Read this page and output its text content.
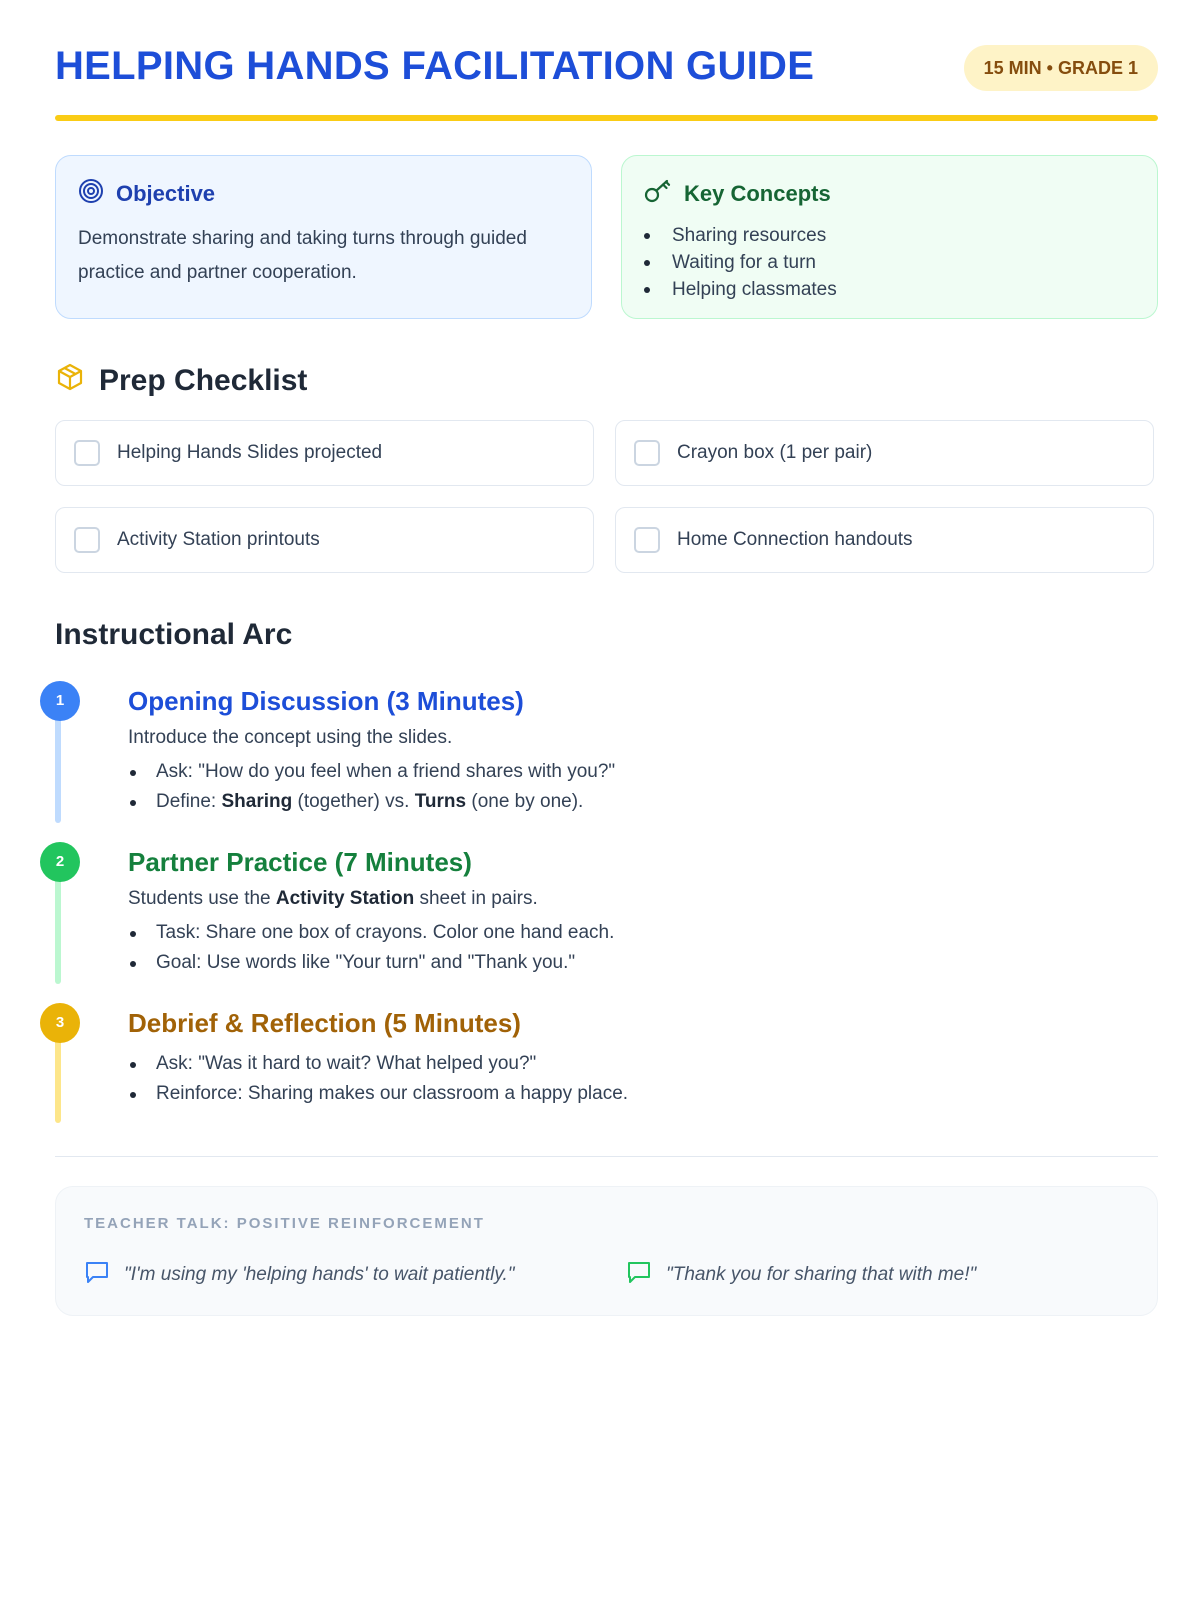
HELPING HANDS FACILITATION GUIDE	15 MIN • GRADE 1
Objective
Demonstrate sharing and taking turns through guided practice and partner cooperation.
Key Concepts
Sharing resources
Waiting for a turn
Helping classmates
Prep Checklist
Helping Hands Slides projected	Crayon box (1 per pair)
Activity Station printouts	Home Connection handouts
Instructional Arc
1	Opening Discussion (3 Minutes)
Introduce the concept using the slides.
Ask: "How do you feel when a friend shares with you?"
Define: Sharing (together) vs. Turns (one by one).
2	Partner Practice (7 Minutes)
Students use the Activity Station sheet in pairs.
Task: Share one box of crayons. Color one hand each.
Goal: Use words like "Your turn" and "Thank you."
3	Debrief & Reflection (5 Minutes)
Ask: "Was it hard to wait? What helped you?"
Reinforce: Sharing makes our classroom a happy place.
TEACHER TALK: POSITIVE REINFORCEMENT
"I'm using my 'helping hands' to wait patiently."	"Thank you for sharing that with me!"
